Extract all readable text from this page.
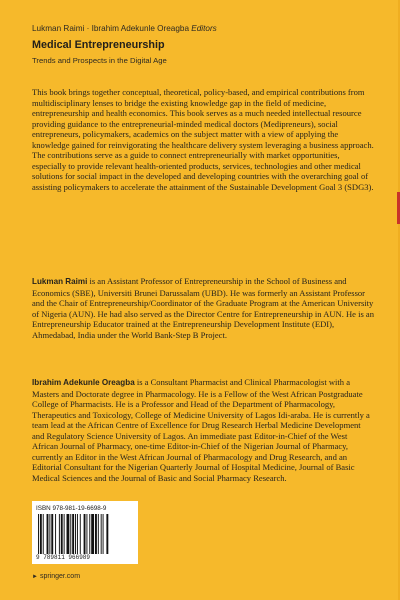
Lukman Raimi · Ibrahim Adekunle Oreagba Editors
Medical Entrepreneurship
Trends and Prospects in the Digital Age

This book brings together conceptual, theoretical, policy-based, and empirical contributions from multidisciplinary lenses to bridge the existing knowledge gap in the field of medicine, entrepreneurship and health economics. This book serves as a much needed intellectual resource providing guidance to the entrepreneurial-minded medical doctors (Medipreneurs), social entrepreneurs, policymakers, academics on the subject matter with a view of applying the knowledge gained for reinvigorating the healthcare delivery system leveraging a business approach. The contributions serve as a guide to connect entrepreneurially with market opportunities, especially to provide relevant health-oriented products, services, technologies and other medical solutions for social impact in the developed and developing countries with the overarching goal of assisting policymakers to accelerate the attainment of the Sustainable Development Goal 3 (SDG3).

Lukman Raimi is an Assistant Professor of Entrepreneurship in the School of Business and Economics (SBE), Universiti Brunei Darussalam (UBD). He was formerly an Assistant Professor and the Chair of Entrepreneurship/Coordinator of the Graduate Program at the American University of Nigeria (AUN). He had also served as the Director Centre for Entrepreneurship in AUN. He is an Entrepreneurship Educator trained at the Entrepreneurship Development Institute (EDI), Ahmedabad, India under the World Bank-Step B Project.

Ibrahim Adekunle Oreagba is a Consultant Pharmacist and Clinical Pharmacologist with a Masters and Doctorate degree in Pharmacology. He is a Fellow of the West African Postgraduate College of Pharmacists. He is a Professor and Head of the Department of Pharmacology, Therapeutics and Toxicology, College of Medicine University of Lagos Idi-araba. He is currently a team lead at the African Centre of Excellence for Drug Research Herbal Medicine Development and Regulatory Science University of Lagos. An immediate past Editor-in-Chief of the West African Journal of Pharmacy, one-time Editor-in-Chief of the Nigerian Journal of Pharmacy, currently an Editor in the West African Journal of Pharmacology and Drug Research, and an Editorial Consultant for the Nigerian Quarterly Journal of Hospital Medicine, Journal of Basic Medical Sciences and the Journal of Basic and Social Pharmacy Research.

ISBN 978-981-19-6698-9
9 789811 966989
► springer.com
